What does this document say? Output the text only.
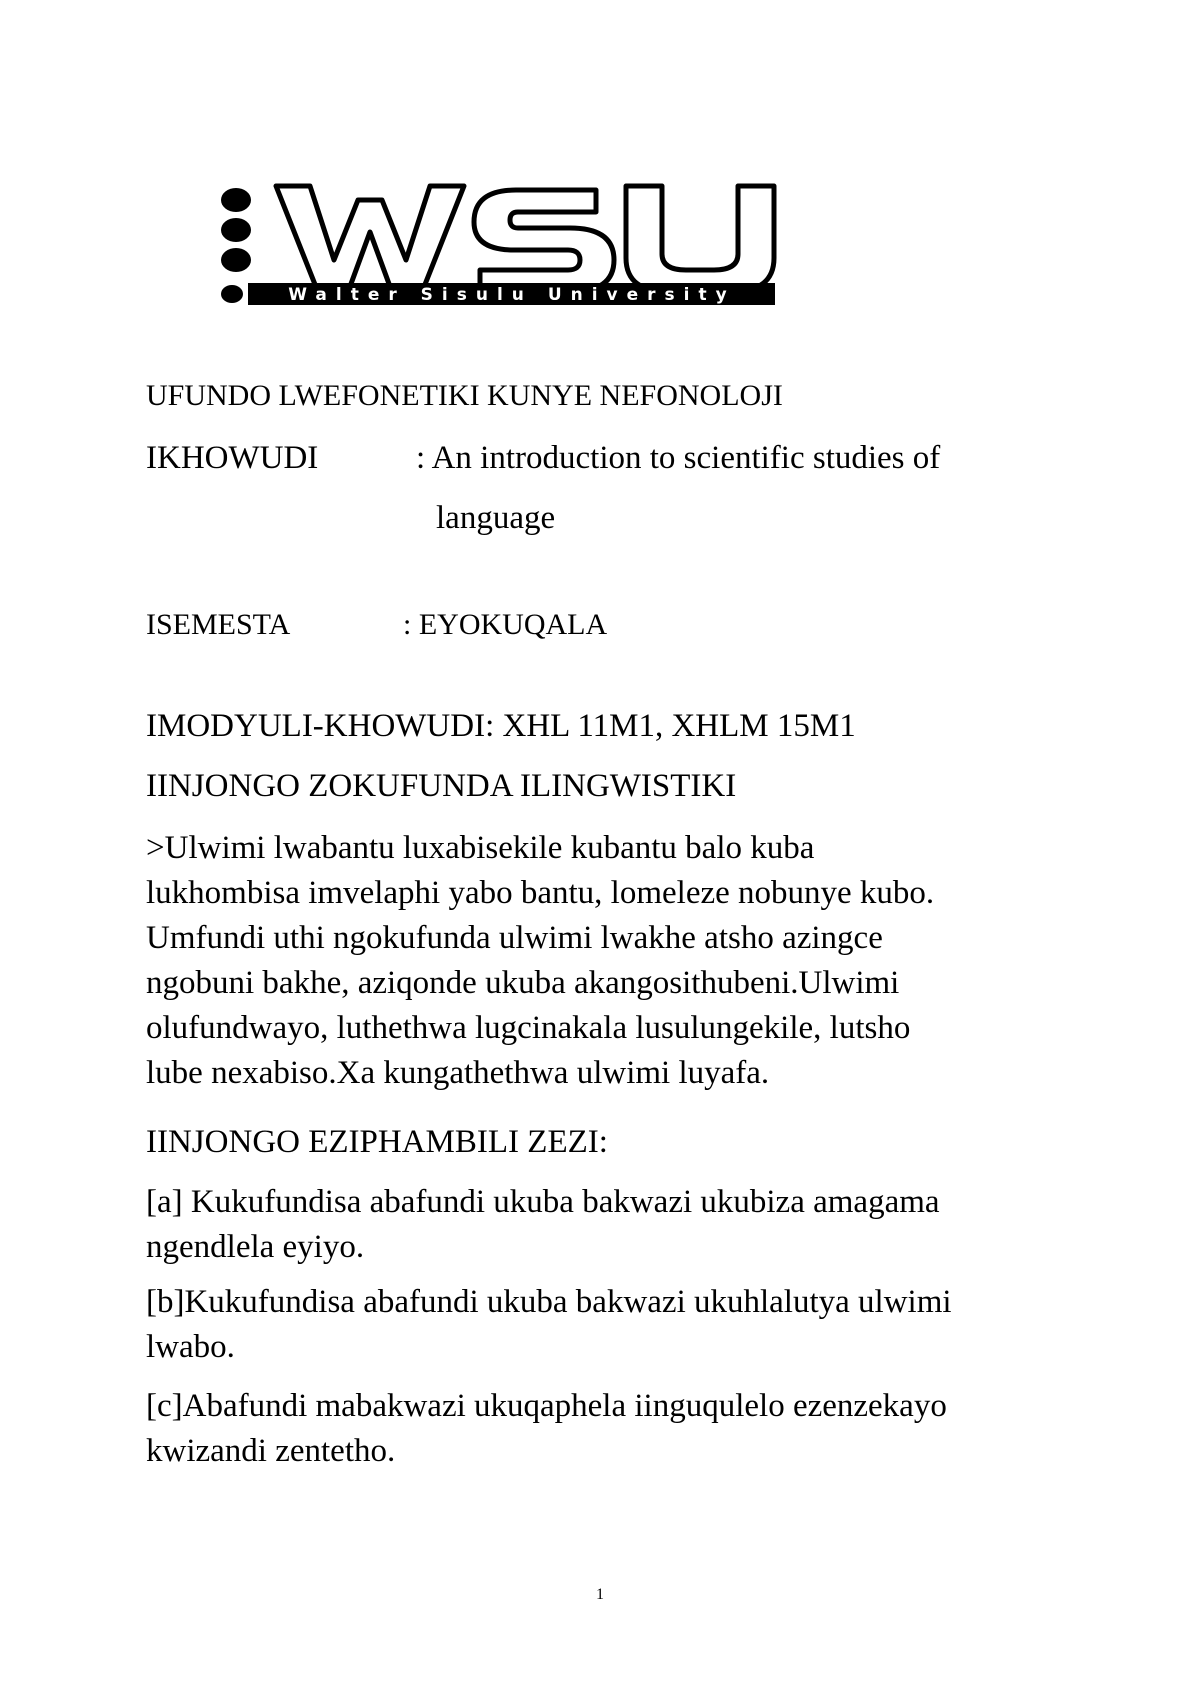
Walter Sisulu University
UFUNDO LWEFONETIKI KUNYE NEFONOLOJI
IKHOWUDI	: An introduction to scientific studies of
language
ISEMESTA	: EYOKUQALA
IMODYULI-KHOWUDI: XHL 11M1, XHLM 15M1
IINJONGO ZOKUFUNDA ILINGWISTIKI
>Ulwimi lwabantu luxabisekile kubantu balo kuba
lukhombisa imvelaphi yabo bantu, lomeleze nobunye kubo.
Umfundi uthi ngokufunda ulwimi lwakhe atsho azingce
ngobuni bakhe, aziqonde ukuba akangosithubeni.Ulwimi
olufundwayo, luthethwa lugcinakala lusulungekile, lutsho
lube nexabiso.Xa kungathethwa ulwimi luyafa.
IINJONGO EZIPHAMBILI ZEZI:
[a] Kukufundisa abafundi ukuba bakwazi ukubiza amagama
ngendlela eyiyo.
[b]Kukufundisa abafundi ukuba bakwazi ukuhlalutya ulwimi
lwabo.
[c]Abafundi mabakwazi ukuqaphela iinguqulelo ezenzekayo
kwizandi zentetho.
1
